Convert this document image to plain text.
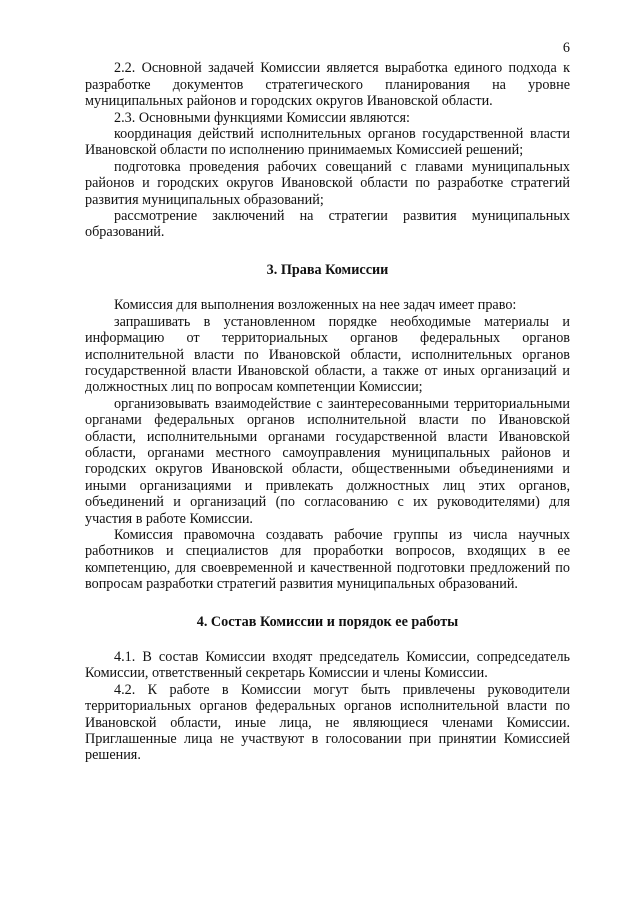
6

2.2. Основной задачей Комиссии является выработка единого подхода к разработке документов стратегического планирования на уровне муниципальных районов и городских округов Ивановской области.

2.3. Основными функциями Комиссии являются:

координация действий исполнительных органов государственной власти Ивановской области по исполнению принимаемых Комиссией решений;

подготовка проведения рабочих совещаний с главами муниципальных районов и городских округов Ивановской области по разработке стратегий развития муниципальных образований;

рассмотрение заключений на стратегии развития муниципальных образований.

3. Права Комиссии

Комиссия для выполнения возложенных на нее задач имеет право:

запрашивать в установленном порядке необходимые материалы и информацию от территориальных органов федеральных органов исполнительной власти по Ивановской области, исполнительных органов государственной власти Ивановской области, а также от иных организаций и должностных лиц по вопросам компетенции Комиссии;

организовывать взаимодействие с заинтересованными территориальными органами федеральных органов исполнительной власти по Ивановской области, исполнительными органами государственной власти Ивановской области, органами местного самоуправления муниципальных районов и городских округов Ивановской области, общественными объединениями и иными организациями и привлекать должностных лиц этих органов, объединений и организаций (по согласованию с их руководителями) для участия в работе Комиссии.

Комиссия правомочна создавать рабочие группы из числа научных работников и специалистов для проработки вопросов, входящих в ее компетенцию, для своевременной и качественной подготовки предложений по вопросам разработки стратегий развития муниципальных образований.

4. Состав Комиссии и порядок ее работы

4.1. В состав Комиссии входят председатель Комиссии, сопредседатель Комиссии, ответственный секретарь Комиссии и члены Комиссии.

4.2. К работе в Комиссии могут быть привлечены руководители территориальных органов федеральных органов исполнительной власти по Ивановской области, иные лица, не являющиеся членами Комиссии. Приглашенные лица не участвуют в голосовании при принятии Комиссией решения.
